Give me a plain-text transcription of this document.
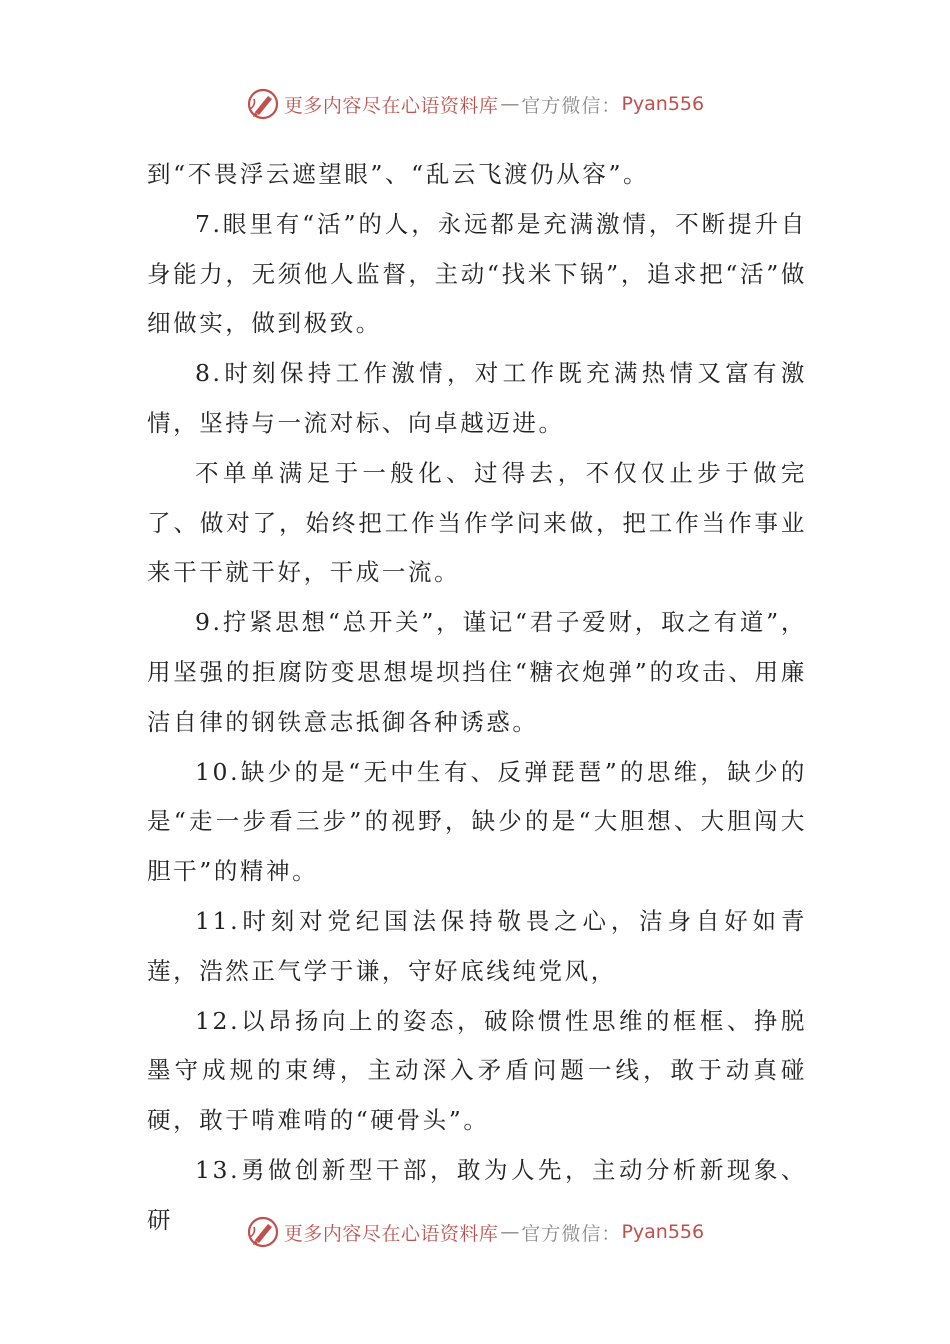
更多内容尽在心语资料库 — 官方微信： Pyan556

到“不畏浮云遮望眼”、“乱云飞渡仍从容”。

7.眼里有“活”的人，永远都是充满激情，不断提升自身能力，无须他人监督，主动“找米下锅”，追求把“活”做细做实，做到极致。

8.时刻保持工作激情，对工作既充满热情又富有激情，坚持与一流对标、向卓越迈进。

不单单满足于一般化、过得去，不仅仅止步于做完了、做对了，始终把工作当作学问来做，把工作当作事业来干干就干好，干成一流。

9.拧紧思想“总开关”，谨记“君子爱财，取之有道”，用坚强的拒腐防变思想堤坝挡住“糖衣炮弹”的攻击、用廉洁自律的钢铁意志抵御各种诱惑。

10.缺少的是“无中生有、反弹琵琶”的思维，缺少的是“走一步看三步”的视野，缺少的是“大胆想、大胆闯大胆干”的精神。

11.时刻对党纪国法保持敬畏之心，洁身自好如青莲，浩然正气学于谦，守好底线纯党风，

12.以昂扬向上的姿态，破除惯性思维的框框、挣脱墨守成规的束缚，主动深入矛盾问题一线，敢于动真碰硬，敢于啃难啃的“硬骨头”。

13.勇做创新型干部，敢为人先，主动分析新现象、研	更多内容尽在心语资料库 — 官方微信： Pyan556
